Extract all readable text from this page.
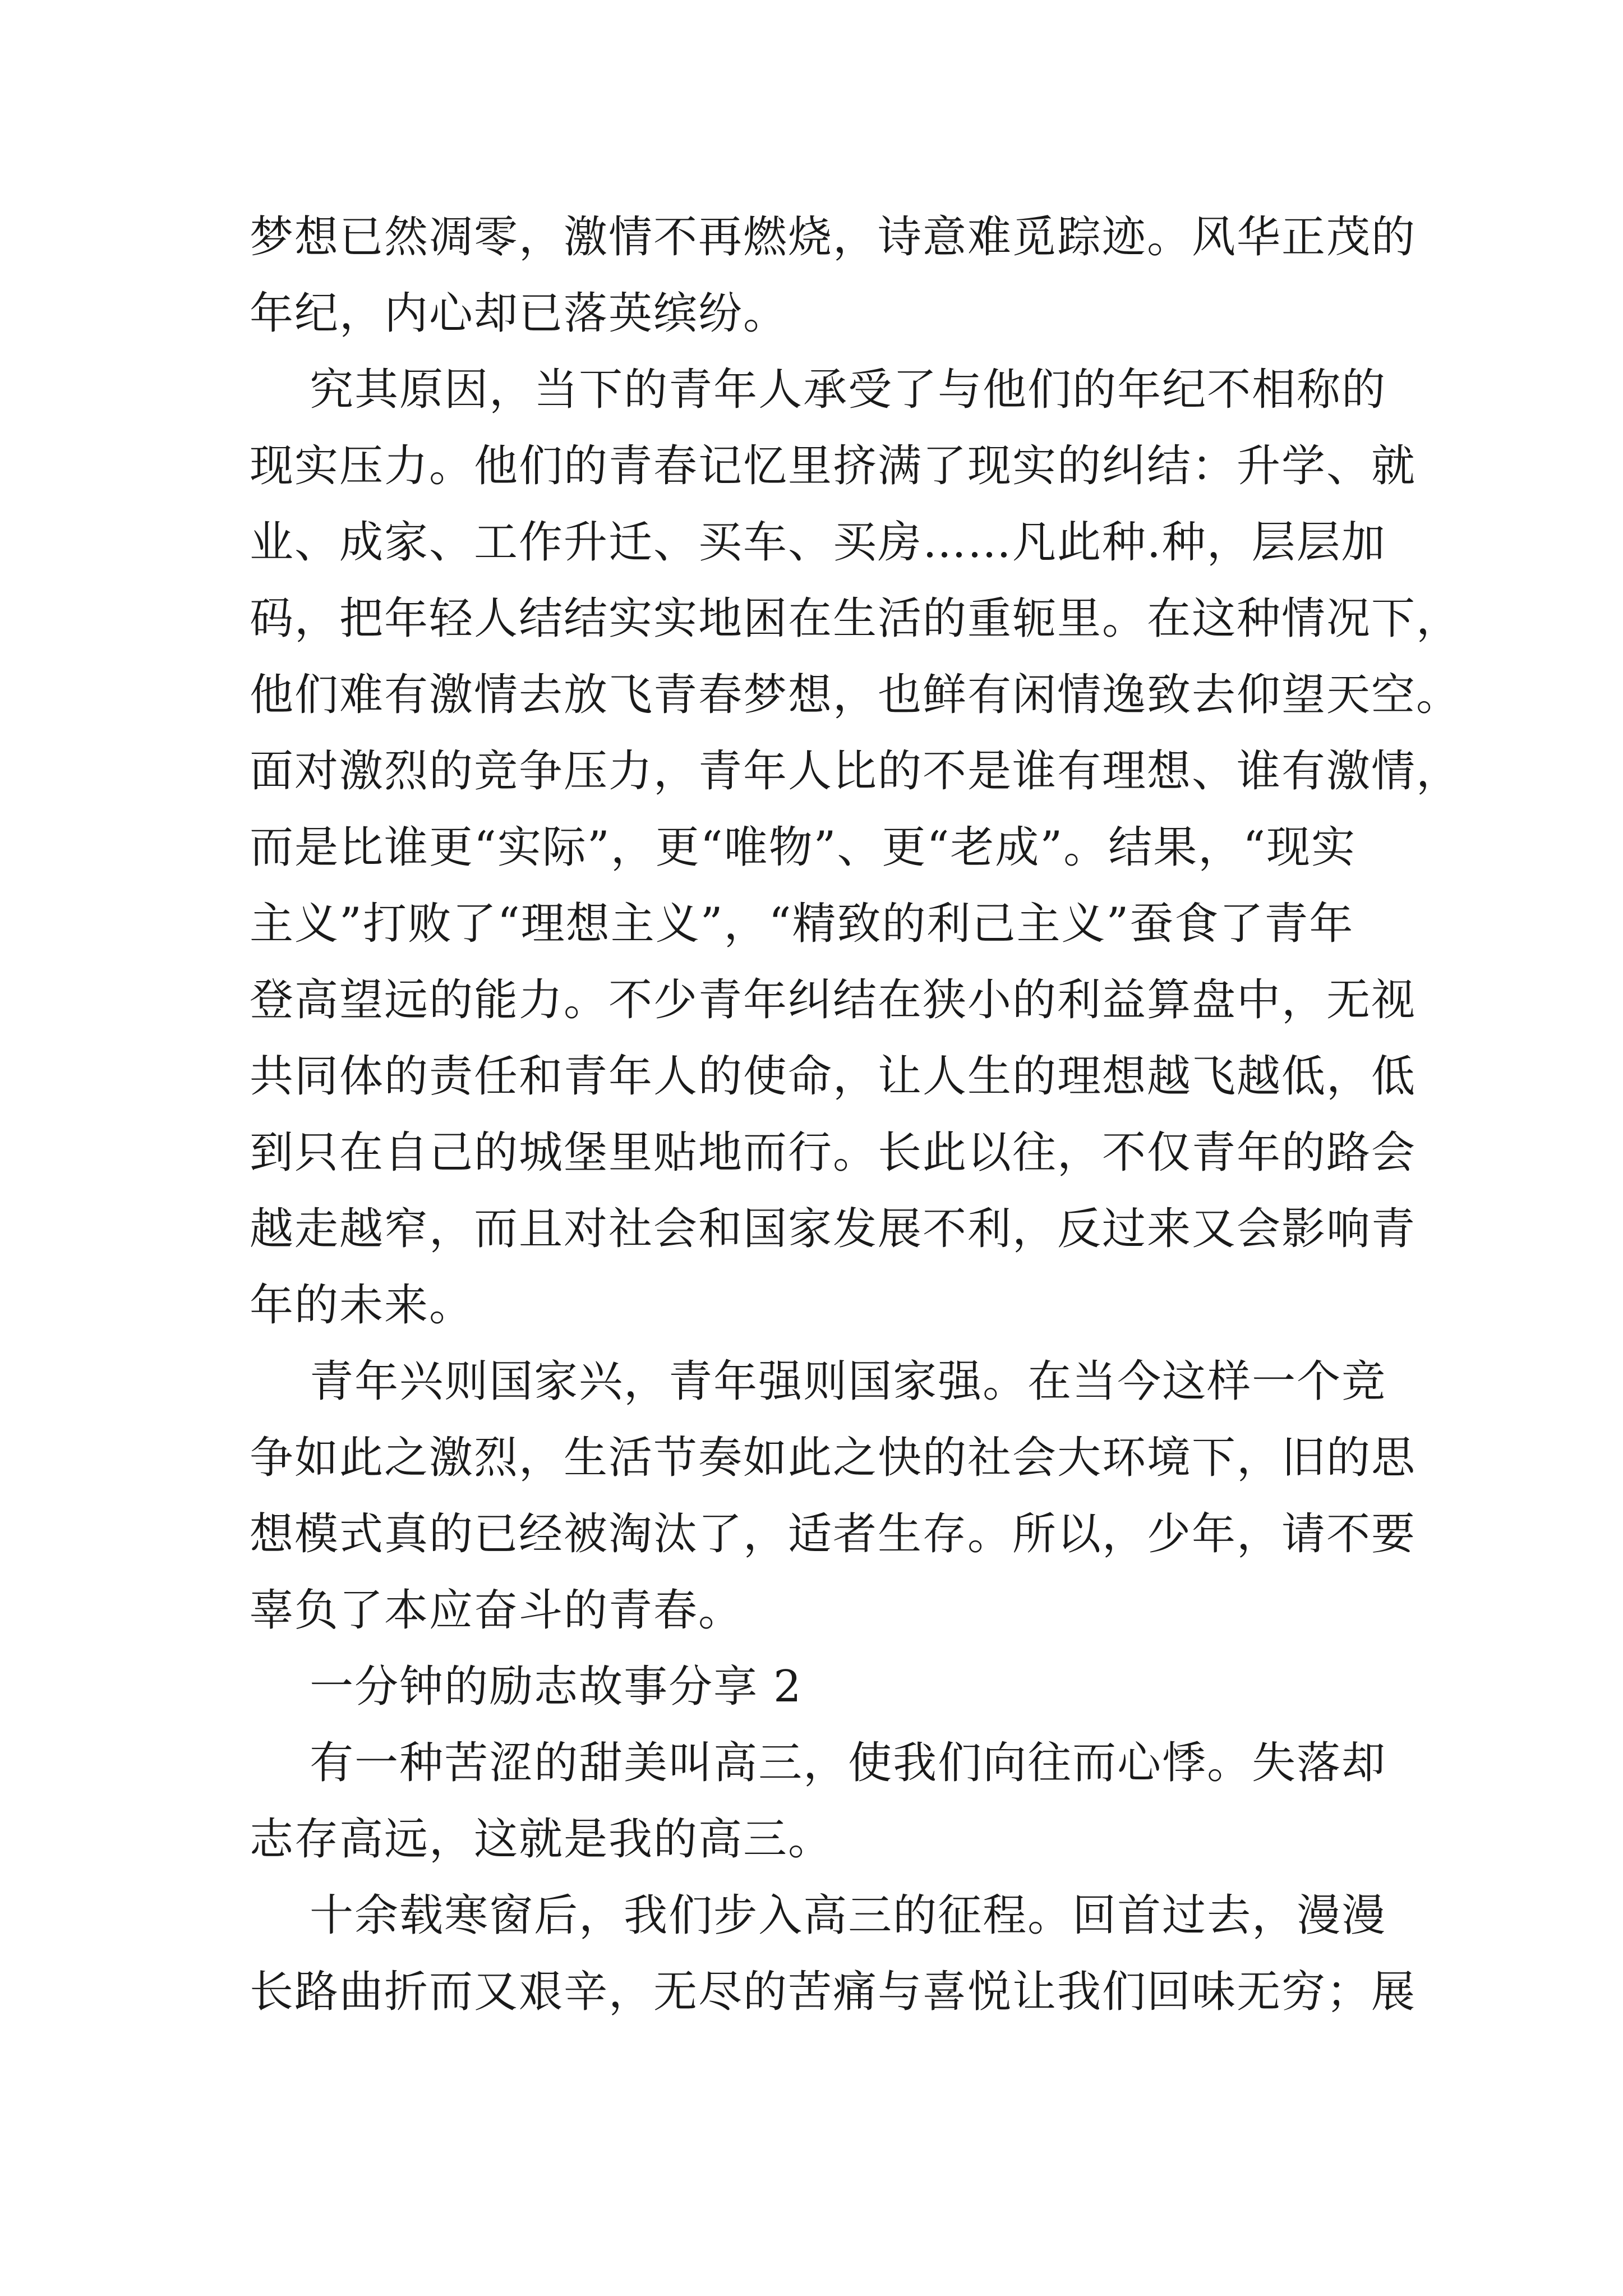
梦想已然凋零，激情不再燃烧，诗意难觅踪迹。风华正茂的
年纪，内心却已落英缤纷。
究其原因，当下的青年人承受了与他们的年纪不相称的
现实压力。他们的青春记忆里挤满了现实的纠结：升学、就
业、成家、工作升迁、买车、买房……凡此种.种，层层加
码，把年轻人结结实实地困在生活的重轭里。在这种情况下，
他们难有激情去放飞青春梦想，也鲜有闲情逸致去仰望天空。
面对激烈的竞争压力，青年人比的不是谁有理想、谁有激情，
而是比谁更“实际”，更“唯物”、更“老成”。结果，“现实
主义”打败了“理想主义”，“精致的利己主义”蚕食了青年
登高望远的能力。不少青年纠结在狭小的利益算盘中，无视
共同体的责任和青年人的使命，让人生的理想越飞越低，低
到只在自己的城堡里贴地而行。长此以往，不仅青年的路会
越走越窄，而且对社会和国家发展不利，反过来又会影响青
年的未来。
青年兴则国家兴，青年强则国家强。在当今这样一个竞
争如此之激烈，生活节奏如此之快的社会大环境下，旧的思
想模式真的已经被淘汰了，适者生存。所以，少年，请不要
辜负了本应奋斗的青春。
一分钟的励志故事分享 2
有一种苦涩的甜美叫高三，使我们向往而心悸。失落却
志存高远，这就是我的高三。
十余载寒窗后，我们步入高三的征程。回首过去，漫漫
长路曲折而又艰辛，无尽的苦痛与喜悦让我们回味无穷；展
